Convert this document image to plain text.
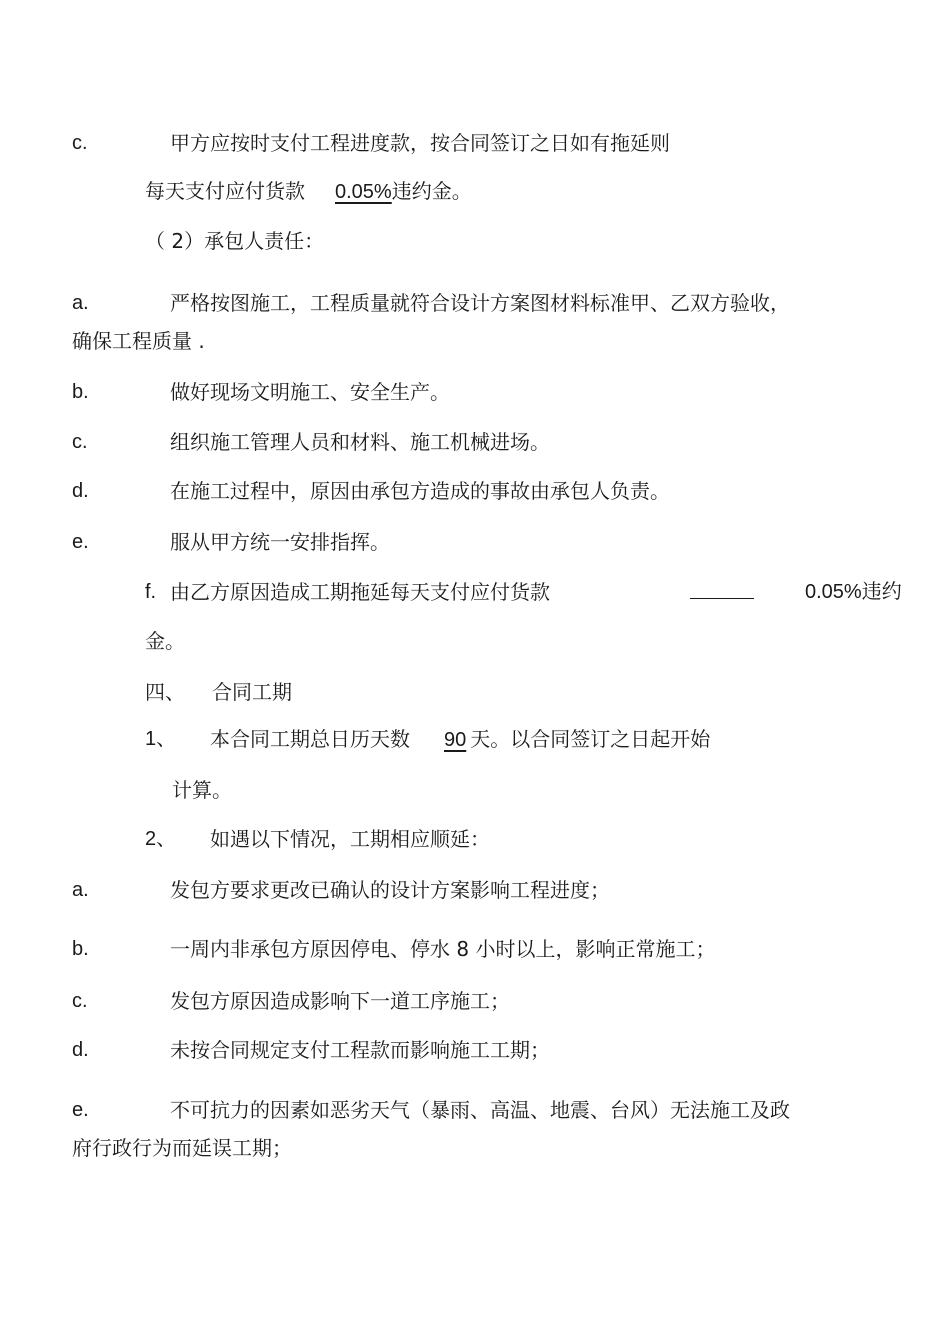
c.	甲方应按时支付工程进度款，按合同签订之日如有拖延则
每天支付应付货款 0.05%违约金。
（ 2）承包人责任：
a.	严格按图施工，工程质量就符合设计方案图材料标准甲、乙双方验收，
确保工程质量 .
b.	做好现场文明施工、安全生产。
c.	组织施工管理人员和材料、施工机械进场。
d.	在施工过程中，原因由承包方造成的事故由承包人负责。
e.	服从甲方统一安排指挥。
f. 由乙方原因造成工期拖延每天支付应付货款	0.05%违约
金。
四、 合同工期
1、 本合同工期总日历天数 90 天。以合同签订之日起开始
计算。
2、 如遇以下情况，工期相应顺延：
a.	发包方要求更改已确认的设计方案影响工程进度；
b.	一周内非承包方原因停电、停水 8 小时以上，影响正常施工；
c.	发包方原因造成影响下一道工序施工；
d.	未按合同规定支付工程款而影响施工工期；
e.	不可抗力的因素如恶劣天气（暴雨、高温、地震、台风）无法施工及政
府行政行为而延误工期；
